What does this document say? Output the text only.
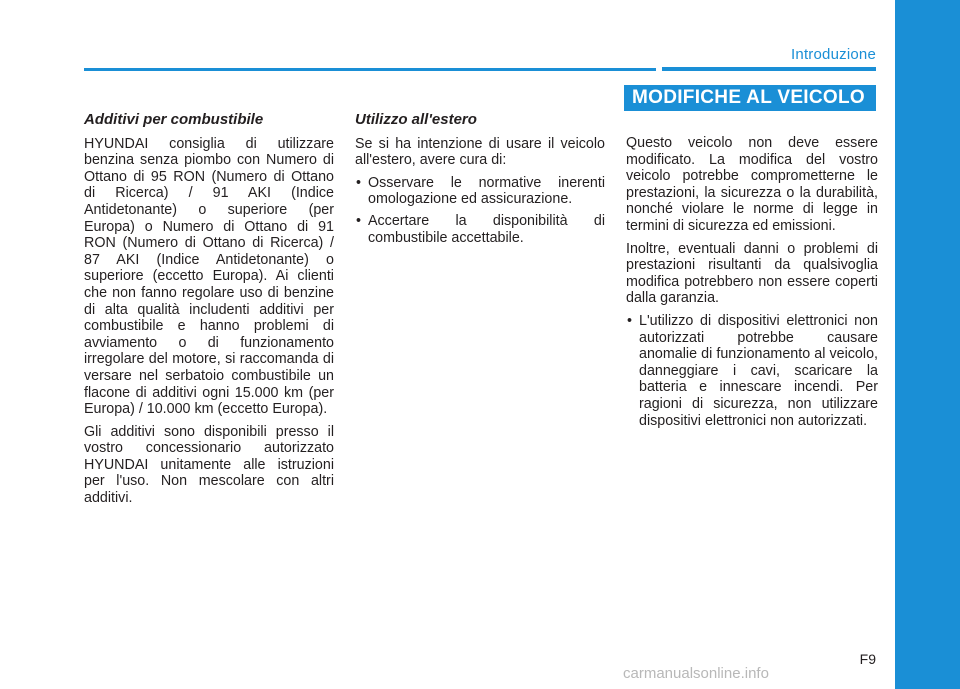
Introduzione
MODIFICHE AL VEICOLO
Additivi per combustibile

HYUNDAI consiglia di utilizzare benzina senza piombo con Numero di Ottano di 95 RON (Numero di Ottano di Ricerca) / 91 AKI (Indice Antidetonante) o superiore (per Europa) o Numero di Ottano di 91 RON (Numero di Ottano di Ricerca) / 87 AKI (Indice Antidetonante) o superiore (eccetto Europa). Ai clienti che non fanno regolare uso di benzine di alta qualità includenti additivi per combustibile e hanno problemi di avviamento o di funzionamento irregolare del motore, si raccomanda di versare nel serbatoio combustibile un flacone di additivi ogni 15.000 km (per Europa) / 10.000 km (eccetto Europa).

Gli additivi sono disponibili presso il vostro concessionario autorizzato HYUNDAI unitamente alle istruzioni per l'uso. Non mescolare con altri additivi.

Utilizzo all'estero

Se si ha intenzione di usare il veicolo all'estero, avere cura di:

• Osservare le normative inerenti omologazione ed assicurazione.
• Accertare la disponibilità di combustibile accettabile.

Questo veicolo non deve essere modificato. La modifica del vostro veicolo potrebbe comprometterne le prestazioni, la sicurezza o la durabilità, nonché violare le norme di legge in termini di sicurezza ed emissioni.

Inoltre, eventuali danni o problemi di prestazioni risultanti da qualsivoglia modifica potrebbero non essere coperti dalla garanzia.

• L'utilizzo di dispositivi elettronici non autorizzati potrebbe causare anomalie di funzionamento al veicolo, danneggiare i cavi, scaricare la batteria e innescare incendi. Per ragioni di sicurezza, non utilizzare dispositivi elettronici non autorizzati.
F9
carmanualsonline.info
